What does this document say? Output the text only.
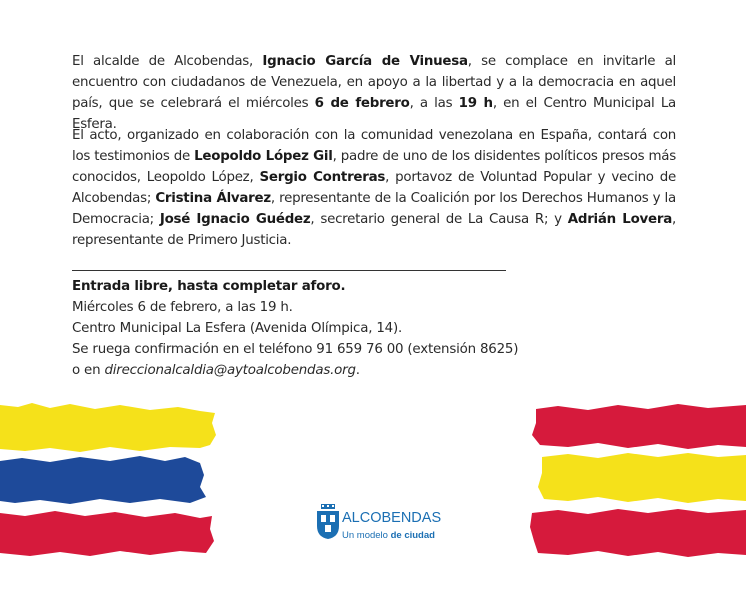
El alcalde de Alcobendas, Ignacio García de Vinuesa, se complace en invitarle al encuentro con ciudadanos de Venezuela, en apoyo a la libertad y a la democracia en aquel país, que se celebrará el miércoles 6 de febrero, a las 19 h, en el Centro Municipal La Esfera.

El acto, organizado en colaboración con la comunidad venezolana en España, contará con los testimonios de Leopoldo López Gil, padre de uno de los disidentes políticos presos más conocidos, Leopoldo López, Sergio Contreras, portavoz de Voluntad Popular y vecino de Alcobendas; Cristina Álvarez, representante de la Coalición por los Derechos Humanos y la Democracia; José Ignacio Guédez, secretario general de La Causa R; y Adrián Lovera, representante de Primero Justicia.

Entrada libre, hasta completar aforo.
Miércoles 6 de febrero, a las 19 h.
Centro Municipal La Esfera (Avenida Olímpica, 14).
Se ruega confirmación en el teléfono 91 659 76 00 (extensión 8625)
o en direccionalcaldia@aytoalcobendas.org.
ALCOBENDAS
Un modelo de ciudad
